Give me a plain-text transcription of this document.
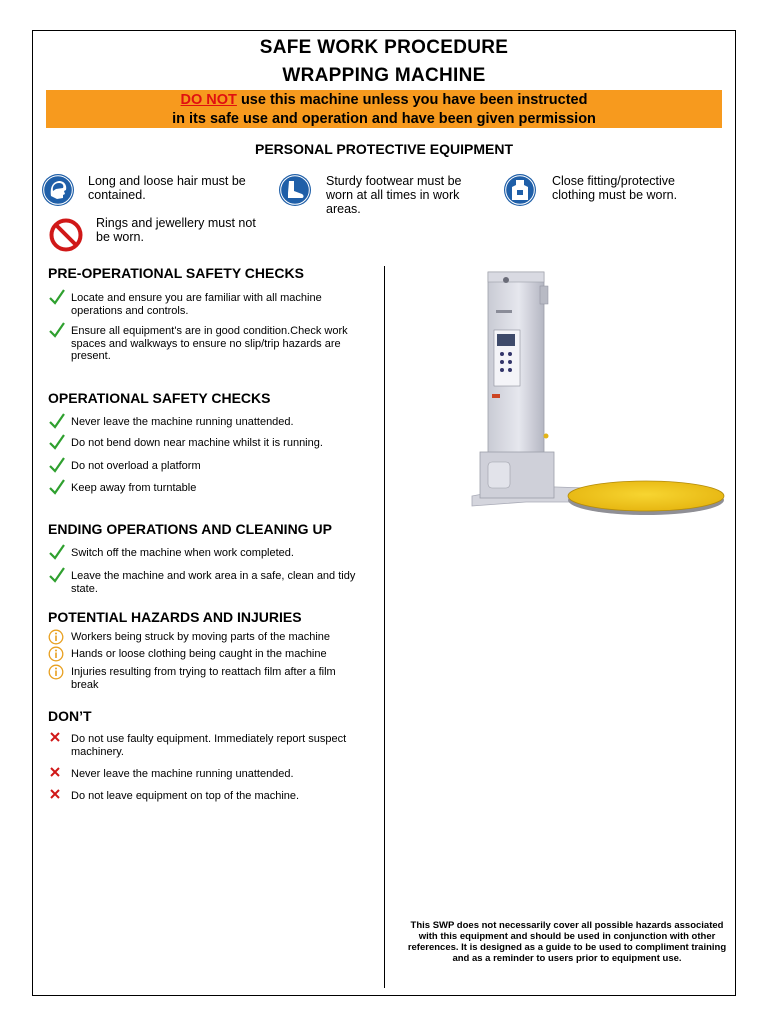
SAFE WORK PROCEDURE
WRAPPING MACHINE
DO NOT use this machine unless you have been instructed
in its safe use and operation and have been given permission
PERSONAL PROTECTIVE EQUIPMENT
Long and loose hair must be contained.
Sturdy footwear must be worn at all times in work areas.
Close fitting/protective clothing must be worn.
Rings and jewellery must not be worn.
PRE-OPERATIONAL SAFETY CHECKS
Locate and ensure you are familiar with all machine operations and controls.
Ensure all equipment's are in good condition.Check work spaces and walkways to ensure no slip/trip hazards are present.
OPERATIONAL SAFETY CHECKS
Never leave the machine running unattended.
Do not bend down near machine whilst it is running.
Do not overload a platform
Keep away from turntable
ENDING OPERATIONS AND CLEANING UP
Switch off the machine when work completed.
Leave the machine and work area in a safe, clean and tidy state.
POTENTIAL HAZARDS AND INJURIES
Workers being struck by moving parts of the machine
Hands or loose clothing being caught in the machine
Injuries resulting from trying to reattach film after a film break
DON’T
Do not use faulty equipment. Immediately report suspect machinery.
Never leave the machine running unattended.
Do not leave equipment on top of the machine.
This SWP does not necessarily cover all possible hazards associated with this equipment and should be used in conjunction with other references. It is designed as a guide to be used to compliment training and as a reminder to users prior to equipment use.
